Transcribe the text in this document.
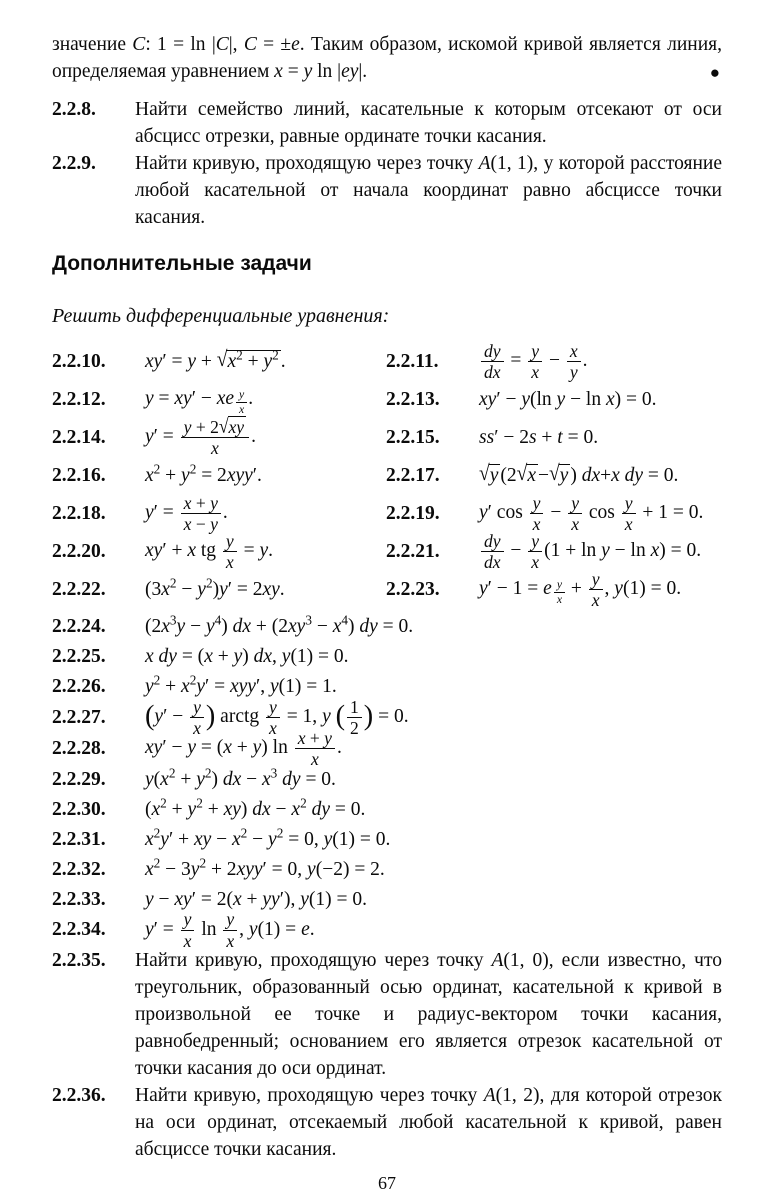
значение C: 1 = ln |C|, C = ±e. Таким образом, искомой кривой является линия, определяемая уравнением x = y ln |ey|.	●
2.2.8.	Найти семейство линий, касательные к которым отсекают от оси абсцисс отрезки, равные ординате точки касания.
2.2.9.	Найти кривую, проходящую через точку A(1, 1), у которой расстояние любой касательной от начала координат равно абсциссе точки касания.
Дополнительные задачи
Решить дифференциальные уравнения:
2.2.10.	$xy' = y + √x^2 + y^2$ .	2.2.11.	$\frac{dy}{dx} = \frac{y}{x} - \frac{x}{y}$ .
2.2.12.	y = xy′ − xe $\frac{y}{x}$ .	2.2.13.	xy′ − y(ln y − ln x) = 0.
2.2.14.	$y' = \frac{y + 2√xy}{x}$ .	2.2.15.	ss′ − 2s + t = 0.
2.2.16.	$x^2 + y^2 = 2xyy'$.	2.2.17.	√y (2√x −√y ) dx+x dy = 0.
2.2.18.	$y' = \frac{x + y}{x - y}$ .	2.2.19.	y′ $\cos \frac{y}{x} - \frac{y}{x}$ $\cos \frac{y}{x} + 1 = 0$.
2.2.20.	xy′ + x tg $\frac{y}{x} = y$.	2.2.21.	$\frac{dy}{dx} - \frac{y}{x} (1 + \ln y - \ln x) = 0$.
2.2.22.	$(3x^2 - y^2)y' = 2xy$.	2.2.23.	y′ − 1 = e $\frac{y}{x} + \frac{y}{x}$ , y(1) = 0.
2.2.24.	$(2x^3y - y^4)$ dx + $(2xy^3 - x^4)$ dy = 0.
2.2.25.	x dy = (x + y) dx, y(1) = 0.
2.2.26.	$y^2 + x^2y' = xyy'$, y(1) = 1.
2.2.27.	($y' - \frac{y}{x}$ ) arctg $\frac{y}{x} = 1$, y ( $\frac{1}{2}$ ) = 0.
2.2.28.	xy′ − y = (x + y) $\ln \frac{x + y}{x}$ .
2.2.29.	$y(x^2 + y^2)$ dx − $x^3$ dy = 0.
2.2.30.	$(x^2 + y^2 + xy)$ dx − $x^2$ dy = 0.
2.2.31.	$x^2y'$ + xy − $x^2 - y^2 = 0$, y(1) = 0.
2.2.32.	$x^2 - 3y^2 + 2xyy' = 0$, y(−2) = 2.
2.2.33.	y − xy′ = 2(x + yy′), y(1) = 0.
2.2.34.	$y' = \frac{y}{x}$ $\ln \frac{y}{x}$ , y(1) = e.
2.2.35.	Найти кривую, проходящую через точку A(1, 0), если известно, что треугольник, образованный осью ординат, касательной к кривой в произвольной ее точке и радиус-вектором точки касания, равнобедренный; основанием его является отрезок касательной от точки касания до оси ординат.
2.2.36.	Найти кривую, проходящую через точку A(1, 2), для которой отрезок на оси ординат, отсекаемый любой касательной к кривой, равен абсциссе точки касания.
67
